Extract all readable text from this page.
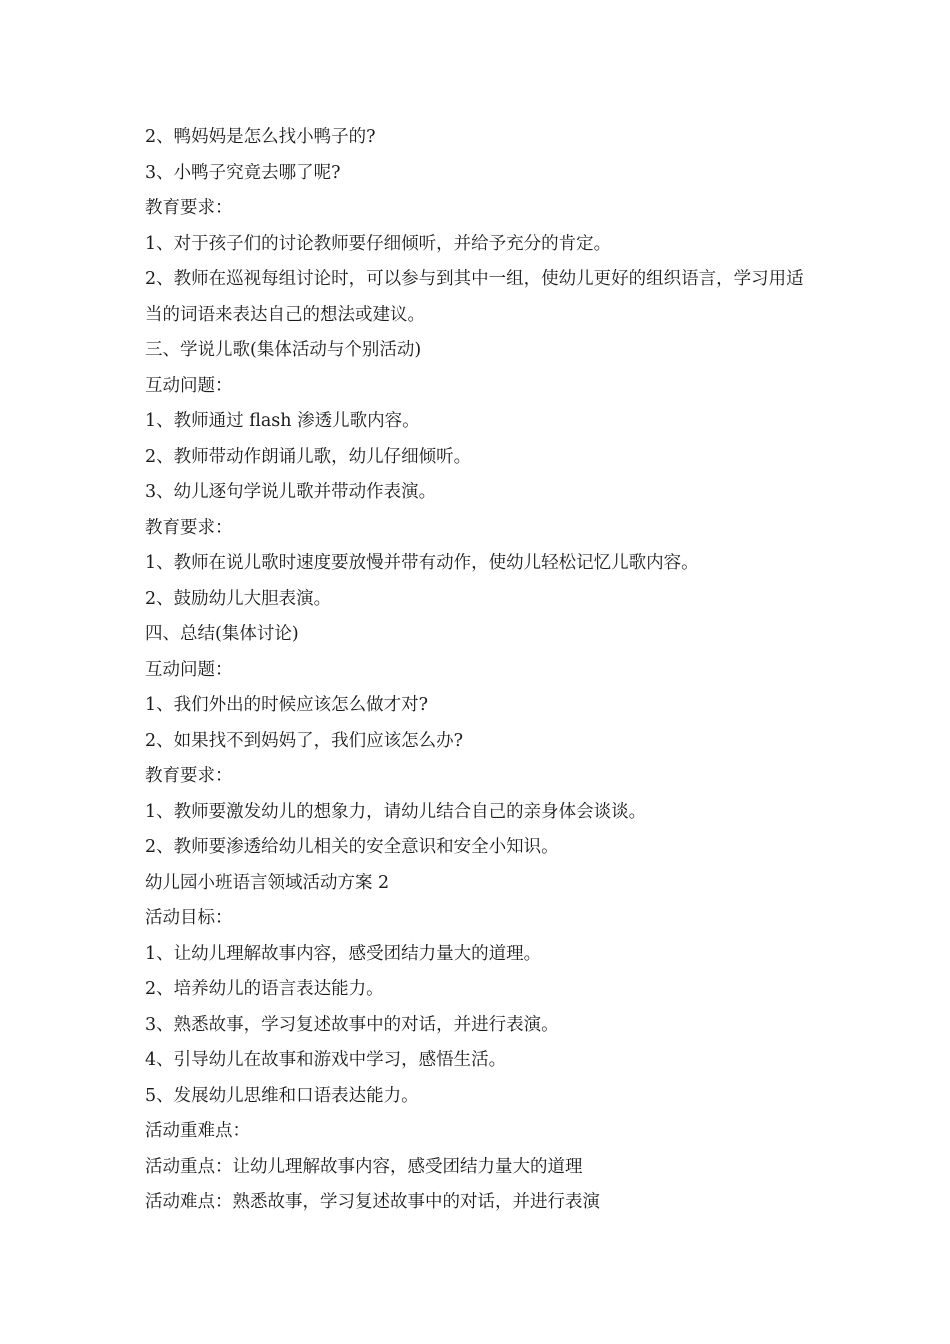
2、鸭妈妈是怎么找小鸭子的?
3、小鸭子究竟去哪了呢?
教育要求：
1、对于孩子们的讨论教师要仔细倾听，并给予充分的肯定。
2、教师在巡视每组讨论时，可以参与到其中一组，使幼儿更好的组织语言，学习用适当的词语来表达自己的想法或建议。
三、学说儿歌(集体活动与个别活动)
互动问题：
1、教师通过 flash 渗透儿歌内容。
2、教师带动作朗诵儿歌，幼儿仔细倾听。
3、幼儿逐句学说儿歌并带动作表演。
教育要求：
1、教师在说儿歌时速度要放慢并带有动作，使幼儿轻松记忆儿歌内容。
2、鼓励幼儿大胆表演。
四、总结(集体讨论)
互动问题：
1、我们外出的时候应该怎么做才对?
2、如果找不到妈妈了，我们应该怎么办?
教育要求：
1、教师要激发幼儿的想象力，请幼儿结合自己的亲身体会谈谈。
2、教师要渗透给幼儿相关的安全意识和安全小知识。
幼儿园小班语言领域活动方案 2
活动目标：
1、让幼儿理解故事内容，感受团结力量大的道理。
2、培养幼儿的语言表达能力。
3、熟悉故事，学习复述故事中的对话，并进行表演。
4、引导幼儿在故事和游戏中学习，感悟生活。
5、发展幼儿思维和口语表达能力。
活动重难点：
活动重点：让幼儿理解故事内容，感受团结力量大的道理
活动难点：熟悉故事，学习复述故事中的对话，并进行表演
